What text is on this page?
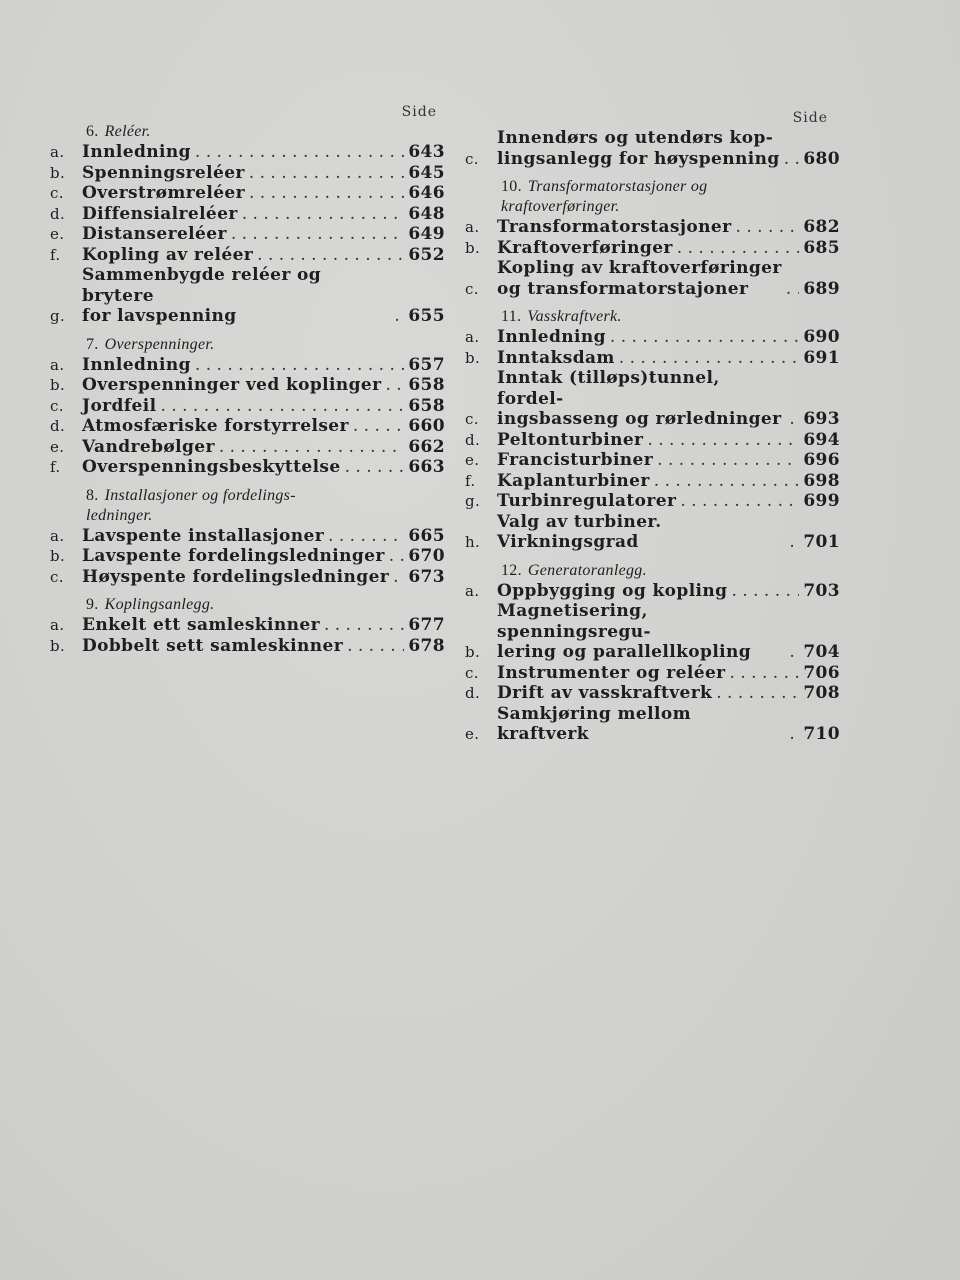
Side
6. Reléer.
a.	Innledning . . .	643
b. Spenningsreléer . . .	645
c.	Overstrømreléer . . .	646
d. Diffensialreléer . . .	648
e.	Distansereléer . . .	649
f.	Kopling av reléer . . .	652
g.
Sammenbygde reléer og brytere
for lavspenning . . .	655
7. Overspenninger.
a.	Innledning . . .	657
b. Overspenninger ved koplinger . . . 658
c.	Jordfeil . . .	658
d. Atmosfæriske forstyrrelser . . .	660
e.	Vandrebølger . . .	662
f.	Overspenningsbeskyttelse . . .	663
8. Installasjoner og fordelings-
ledninger.
a.	Lavspente installasjoner . . .	665
b. Lavspente fordelingsledninger . . . 670
c.	Høyspente fordelingsledninger . . . 673
9. Koplingsanlegg.
a.	Enkelt ett samleskinner . . .	677
b. Dobbelt sett samleskinner . . .	678
Side
c.
Innendørs og utendørs kop-
lingsanlegg for høyspenning . . . 680
10. Transformatorstasjoner og
kraftoverføringer.
a.	Transformatorstasjoner . . .	682
b. Kraftoverføringer . . .	685
c.
Kopling av kraftoverføringer
og transformatorstajoner . . .	689
11. Vasskraftverk.
a.	Innledning . . .	690
b. Inntaksdam . . .	691
c.
Inntak (tilløps)tunnel, fordel-
ingsbasseng og rørledninger . . . 693
d. Peltonturbiner . . .	694
e.	Francisturbiner . . .	696
f.	Kaplanturbiner . . .	698
g. Turbinregulatorer . . .	699
h.
Valg av turbiner. Virkningsgrad . . .	701
12. Generatoranlegg.
a.	Oppbygging og kopling . . .	703
b.
Magnetisering, spenningsregu-
lering og parallellkopling . . .	704
c.	Instrumenter og reléer . . .	706
d. Drift av vasskraftverk . . .	708
e.
Samkjøring mellom kraftverk . . .	710
